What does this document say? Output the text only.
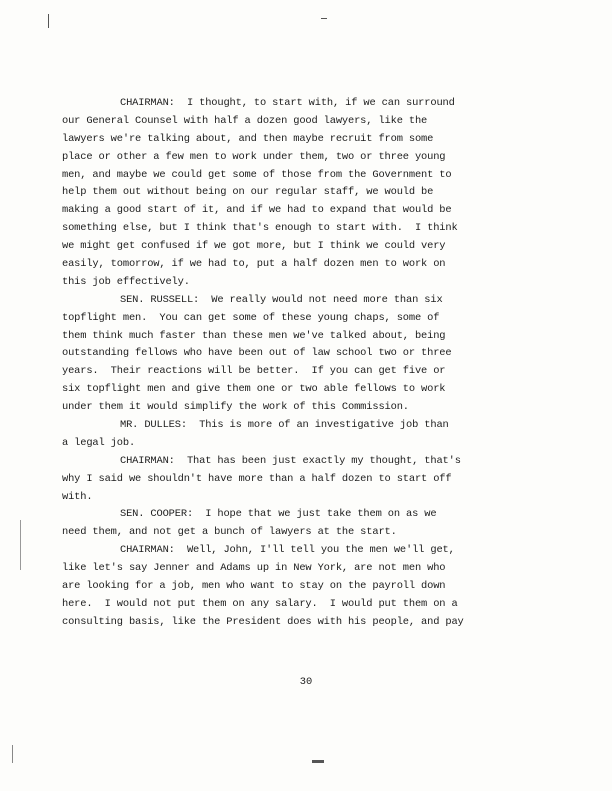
CHAIRMAN:  I thought, to start with, if we can surround
our General Counsel with half a dozen good lawyers, like the
lawyers we're talking about, and then maybe recruit from some
place or other a few men to work under them, two or three young
men, and maybe we could get some of those from the Government to
help them out without being on our regular staff, we would be
making a good start of it, and if we had to expand that would be
something else, but I think that's enough to start with.  I think
we might get confused if we got more, but I think we could very
easily, tomorrow, if we had to, put a half dozen men to work on
this job effectively.
SEN. RUSSELL:  We really would not need more than six
topflight men.  You can get some of these young chaps, some of
them think much faster than these men we've talked about, being
outstanding fellows who have been out of law school two or three
years.  Their reactions will be better.  If you can get five or
six topflight men and give them one or two able fellows to work
under them it would simplify the work of this Commission.
MR. DULLES:  This is more of an investigative job than
a legal job.
CHAIRMAN:  That has been just exactly my thought, that's
why I said we shouldn't have more than a half dozen to start off
with.
SEN. COOPER:  I hope that we just take them on as we
need them, and not get a bunch of lawyers at the start.
CHAIRMAN:  Well, John, I'll tell you the men we'll get,
like let's say Jenner and Adams up in New York, are not men who
are looking for a job, men who want to stay on the payroll down
here.  I would not put them on any salary.  I would put them on a
consulting basis, like the President does with his people, and pay
30
